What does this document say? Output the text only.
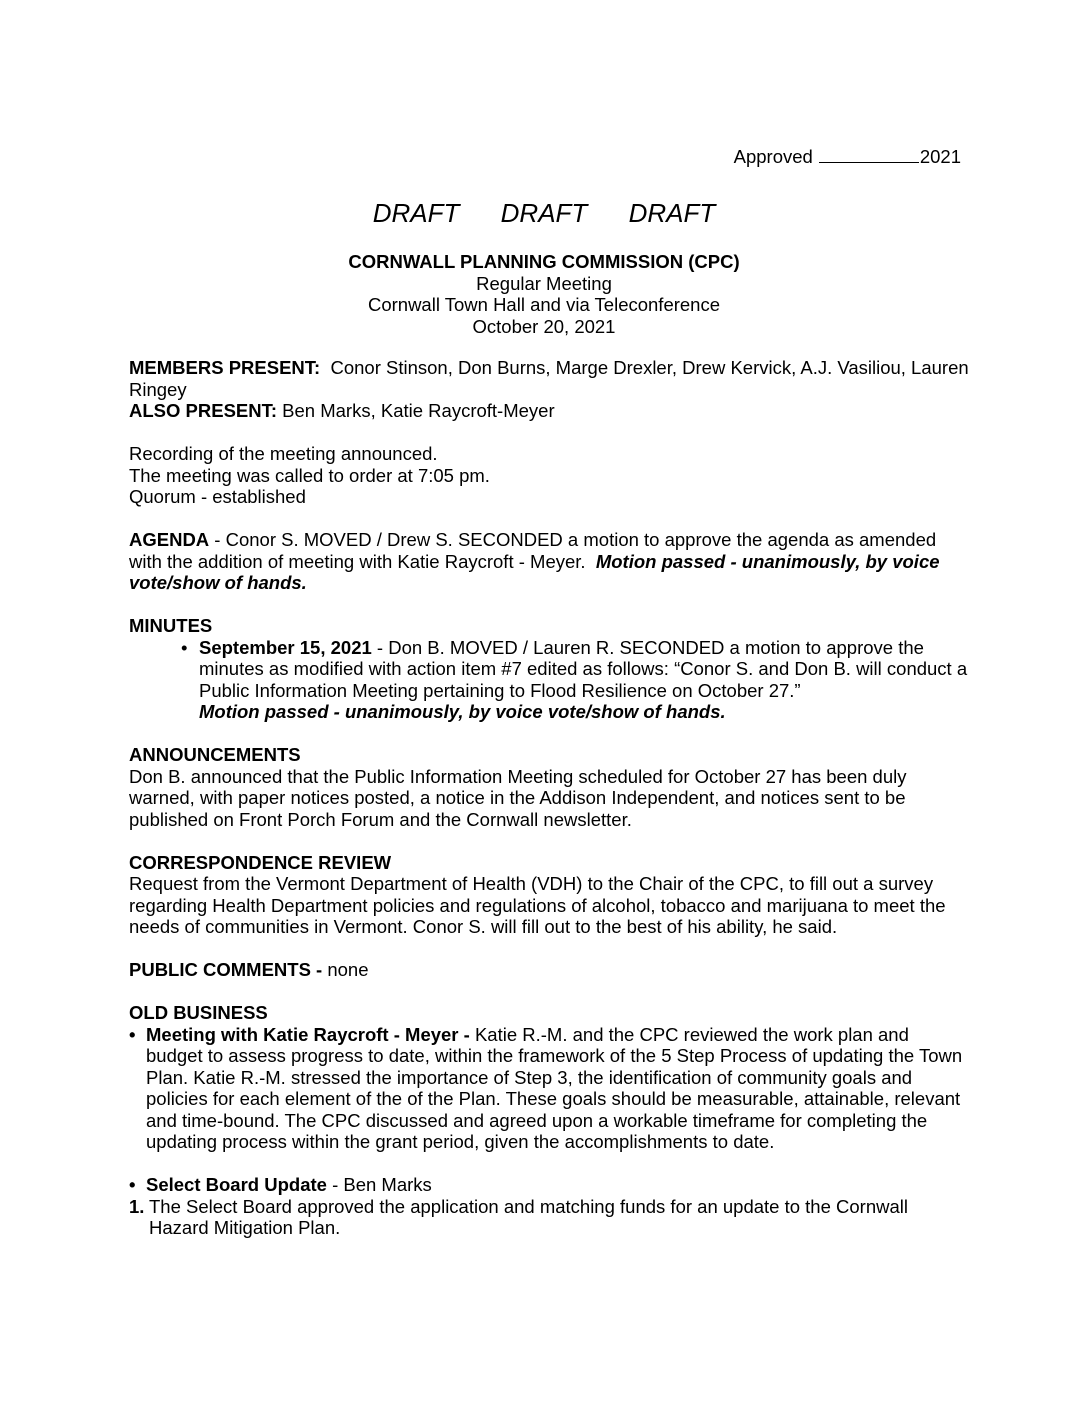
Approved	2021
DRAFT DRAFT DRAFT
CORNWALL PLANNING COMMISSION (CPC)
Regular Meeting
Cornwall Town Hall and via Teleconference
October 20, 2021

MEMBERS PRESENT: Conor Stinson, Don Burns, Marge Drexler, Drew Kervick, A.J. Vasiliou, Lauren Ringey

ALSO PRESENT: Ben Marks, Katie Raycroft-Meyer

Recording of the meeting announced.

The meeting was called to order at 7:05 pm.

Quorum - established

AGENDA - Conor S. MOVED / Drew S. SECONDED a motion to approve the agenda as amended with the addition of meeting with Katie Raycroft - Meyer. Motion passed - unanimously, by voice vote/show of hands.

MINUTES

• September 15, 2021 - Don B. MOVED / Lauren R. SECONDED a motion to approve the minutes as modified with action item #7 edited as follows: “Conor S. and Don B. will conduct a Public Information Meeting pertaining to Flood Resilience on October 27.”
Motion passed - unanimously, by voice vote/show of hands.

ANNOUNCEMENTS

Don B. announced that the Public Information Meeting scheduled for October 27 has been duly warned, with paper notices posted, a notice in the Addison Independent, and notices sent to be published on Front Porch Forum and the Cornwall newsletter.

CORRESPONDENCE REVIEW

Request from the Vermont Department of Health (VDH) to the Chair of the CPC, to fill out a survey regarding Health Department policies and regulations of alcohol, tobacco and marijuana to meet the needs of communities in Vermont. Conor S. will fill out to the best of his ability, he said.

PUBLIC COMMENTS - none

OLD BUSINESS

• Meeting with Katie Raycroft - Meyer - Katie R.-M. and the CPC reviewed the work plan and budget to assess progress to date, within the framework of the 5 Step Process of updating the Town Plan. Katie R.-M. stressed the importance of Step 3, the identification of community goals and policies for each element of the of the Plan. These goals should be measurable, attainable, relevant and time-bound. The CPC discussed and agreed upon a workable timeframe for completing the updating process within the grant period, given the accomplishments to date.
• Select Board Update - Ben Marks
1. The Select Board approved the application and matching funds for an update to the Cornwall Hazard Mitigation Plan.
